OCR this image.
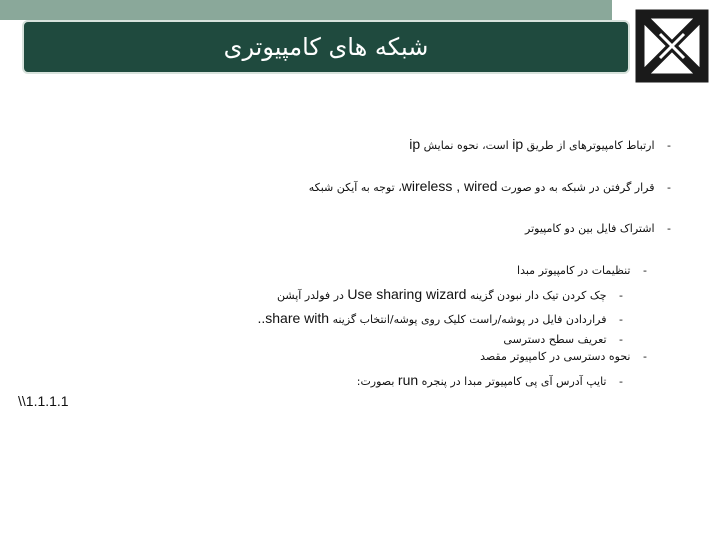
شبکه های کامپیوتری
- ارتباط کامپیوترهای از طریق ip است، نحوه نمایش ip
- قرار گرفتن در شبکه به دو صورت wireless , wired، توجه به آیکن شبکه
- اشتراک فایل بین دو کامپیوتر
- تنظیمات در کامپیوتر مبدا
- چک کردن تیک دار نبودن گزینه Use sharing wizard در فولدر آپشن
- فراردادن فایل در پوشه/راست کلیک روی پوشه/انتخاب گزینه share with..
- تعریف سطح دسترسی
- نحوه دسترسی در کامپیوتر مقصد
- تایپ آدرس آی پی کامپیوتر مبدا در پنجره run بصورت:
\\1.1.1.1
